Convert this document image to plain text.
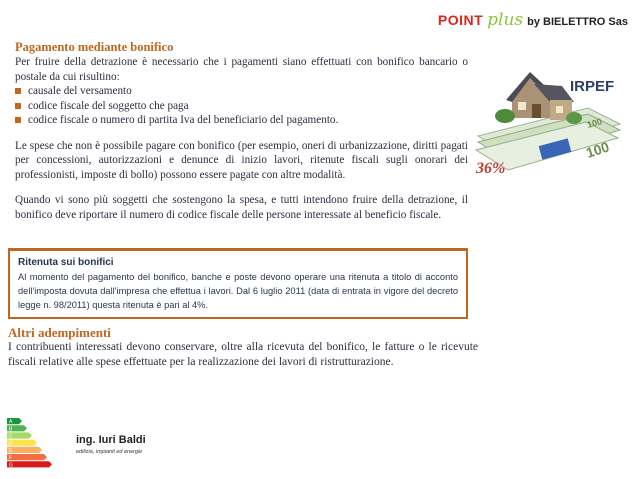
POINT plus by BIELETTRO Sas

Pagamento mediante bonifico

Per fruire della detrazione è necessario che i pagamenti siano effettuati con bonifico bancario o postale da cui risultino:

causale del versamento
codice fiscale del soggetto che paga
codice fiscale o numero di partita Iva del beneficiario del pagamento.

Le spese che non è possibile pagare con bonifico (per esempio, oneri di urbanizzazione, diritti pagati per concessioni, autorizzazioni e denunce di inizio lavori, ritenute fiscali sugli onorari dei professionisti, imposte di bollo) possono essere pagate con altre modalità.

Quando vi sono più soggetti che sostengono la spesa, e tutti intendono fruire della detrazione, il bonifico deve riportare il numero di codice fiscale delle persone interessate al beneficio fiscale.

Ritenuta sui bonifici

Al momento del pagamento del bonifico, banche e poste devono operare una ritenuta a titolo di acconto dell'imposta dovuta dall'impresa che effettua i lavori. Dal 6 luglio 2011 (data di entrata in vigore del decreto legge n. 98/2011) questa ritenuta è pari al 4%.

Altri adempimenti

I contribuenti interessati devono conservare, oltre alla ricevuta del bonifico, le fatture o le ricevute fiscali relative alle spese effettuate per la realizzazione dei lavori di ristrutturazione.

100
100
IRPEF
36%
A
B
C
D
E
F
G

ing. Iuri Baldi

edilizia, impianti ed energie
